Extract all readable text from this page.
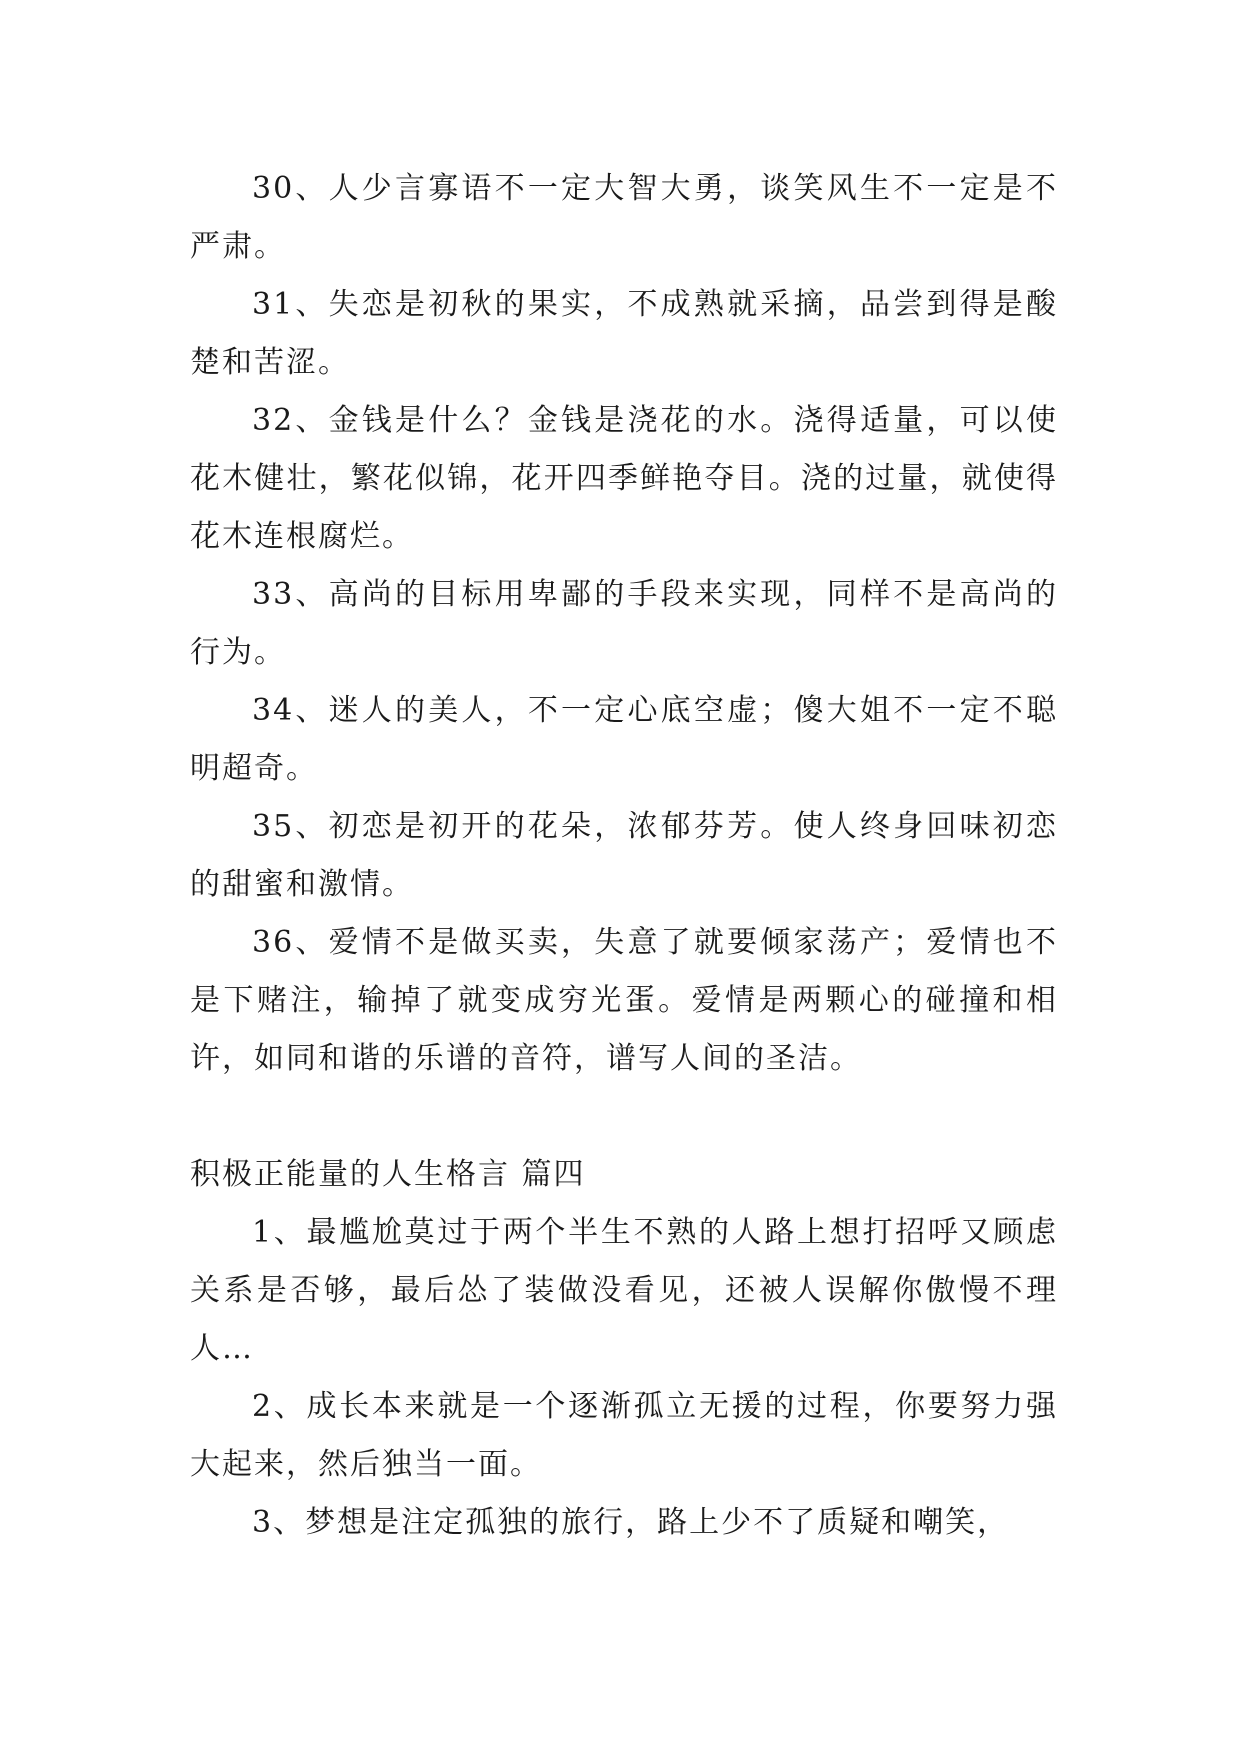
30、人少言寡语不一定大智大勇，谈笑风生不一定是不严肃。

31、失恋是初秋的果实，不成熟就采摘，品尝到得是酸楚和苦涩。

32、金钱是什么？金钱是浇花的水。浇得适量，可以使花木健壮，繁花似锦，花开四季鲜艳夺目。浇的过量，就使得花木连根腐烂。

33、高尚的目标用卑鄙的手段来实现，同样不是高尚的行为。

34、迷人的美人，不一定心底空虚；傻大姐不一定不聪明超奇。

35、初恋是初开的花朵，浓郁芬芳。使人终身回味初恋的甜蜜和激情。

36、爱情不是做买卖，失意了就要倾家荡产；爱情也不是下赌注，输掉了就变成穷光蛋。爱情是两颗心的碰撞和相许，如同和谐的乐谱的音符，谱写人间的圣洁。

积极正能量的人生格言 篇四

1、最尴尬莫过于两个半生不熟的人路上想打招呼又顾虑关系是否够，最后怂了装做没看见，还被人误解你傲慢不理人…

2、成长本来就是一个逐渐孤立无援的过程，你要努力强大起来，然后独当一面。

3、梦想是注定孤独的旅行，路上少不了质疑和嘲笑，
